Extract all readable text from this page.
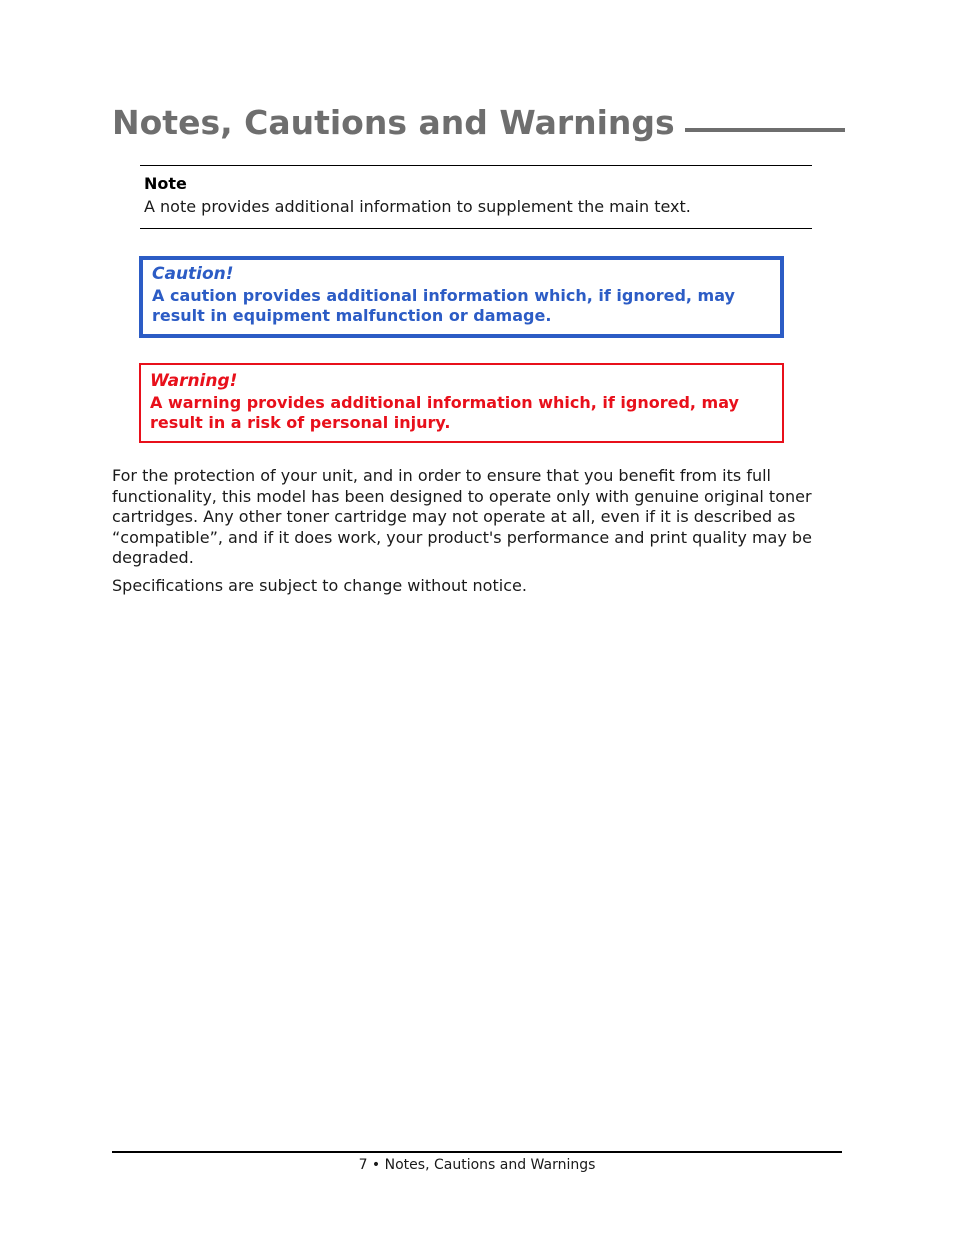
Notes, Cautions and Warnings
Note
A note provides additional information to supplement the main text.
Caution!
A caution provides additional information which, if ignored, may result in equipment malfunction or damage.
Warning!
A warning provides additional information which, if ignored, may result in a risk of personal injury.

For the protection of your unit, and in order to ensure that you benefit from its full functionality, this model has been designed to operate only with genuine original toner cartridges. Any other toner cartridge may not operate at all, even if it is described as “compatible”, and if it does work, your product's performance and print quality may be degraded.

Specifications are subject to change without notice.

7 • Notes, Cautions and Warnings
